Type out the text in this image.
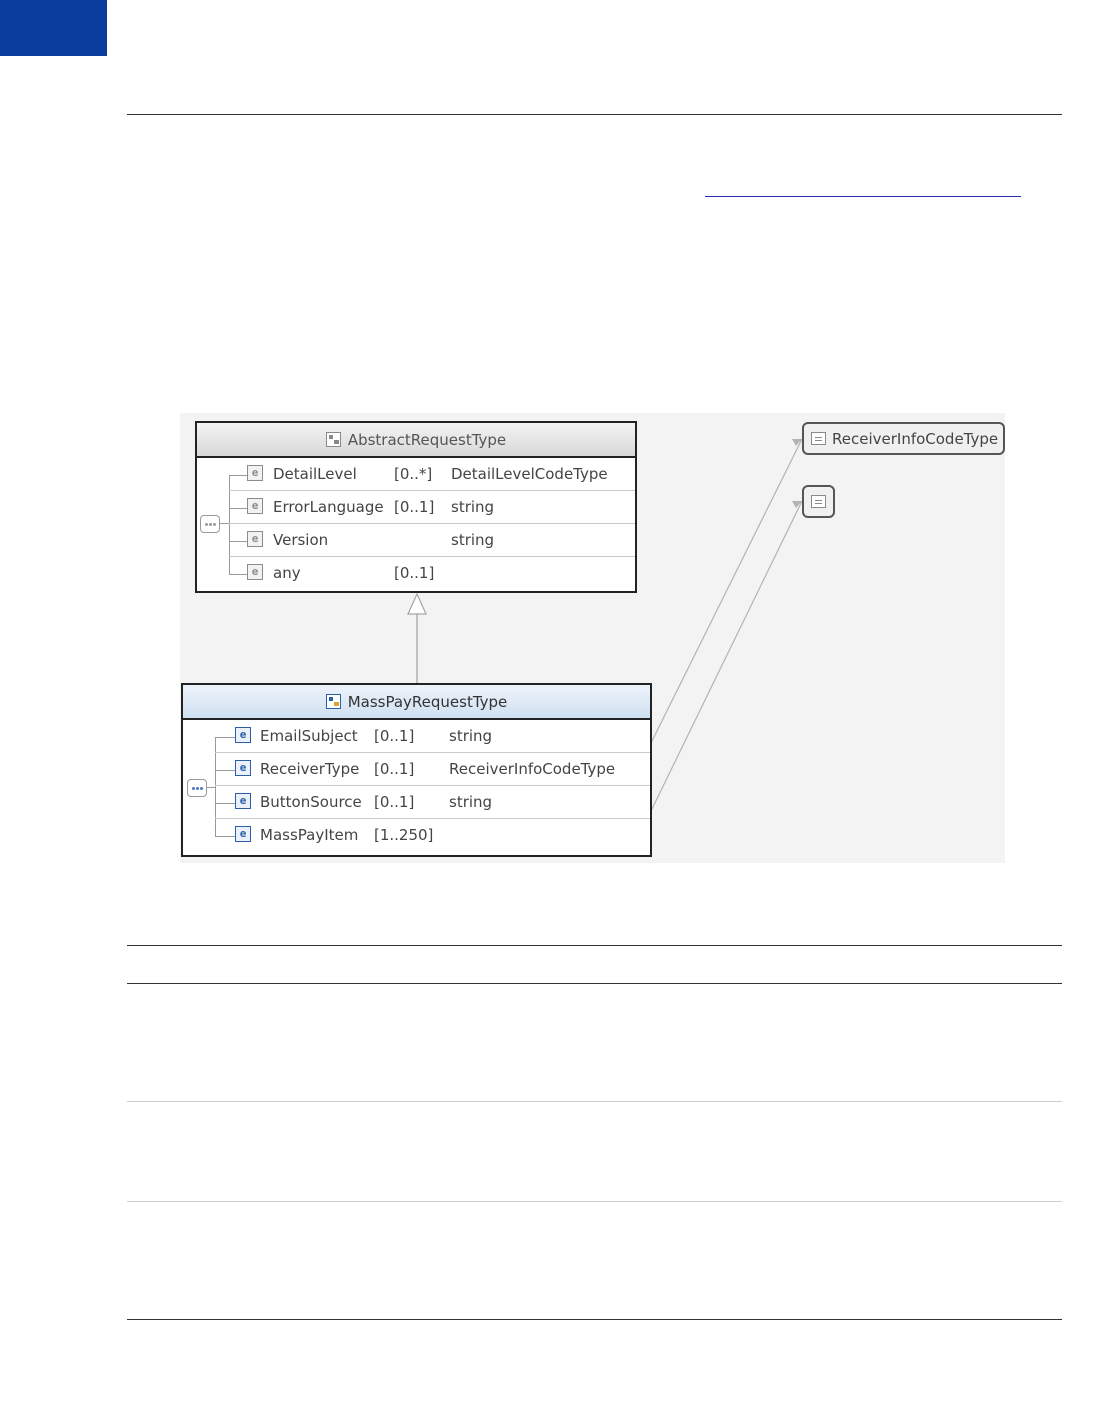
AbstractRequestType
e DetailLevel [0..*] DetailLevelCodeType
e ErrorLanguage [0..1] string
e Version	string
e any	[0..1]
MassPayRequestType
e EmailSubject [0..1] string
e ReceiverType [0..1] ReceiverInfoCodeType
e ButtonSource [0..1] string
e MassPayItem [1..250]
ReceiverInfoCodeType
